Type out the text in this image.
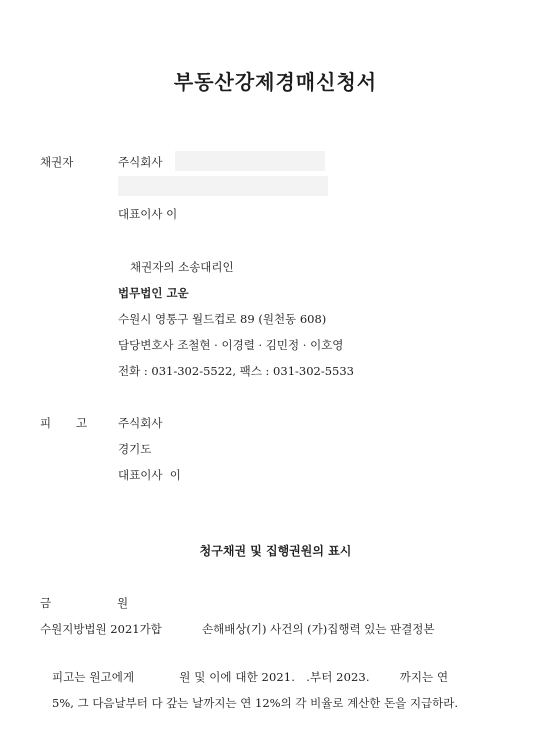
부동산강제경매신청서
채권자	주식회사
대표이사 이
채권자의 소송대리인
법무법인 고운
수원시 영통구 월드컵로 89 (원천동 608)
담당변호사 조철현 · 이경렬 · 김민정 · 이호영
전화 : 031-302-5522, 팩스 : 031-302-5533
피 고	주식회사
경기도
대표이사  이
청구채권 및 집행권원의 표시
금	원
수원지방법원 2021가합	손해배상(기) 사건의 (가)집행력 있는 판결정본
피고는 원고에게            원 및 이에 대한 2021.   .부터 2023.        까지는 연
5%, 그 다음날부터 다 갚는 날까지는 연 12%의 각 비율로 계산한 돈을 지급하라.
